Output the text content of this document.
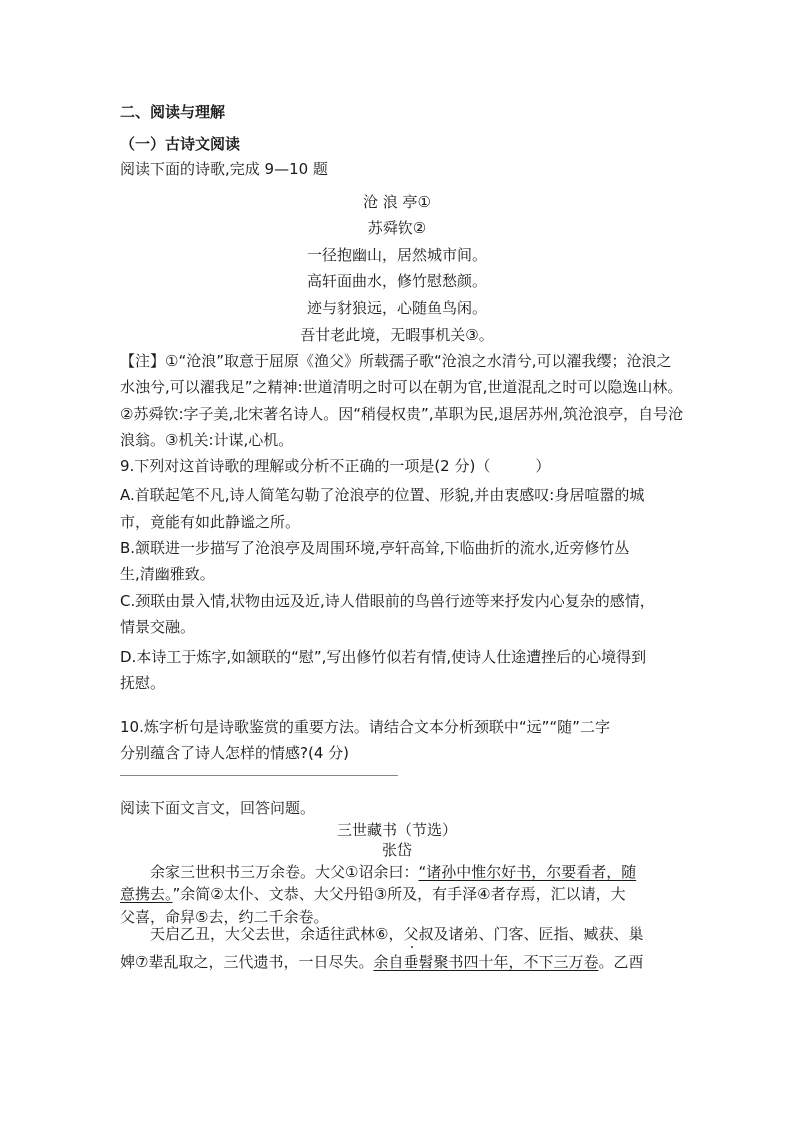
二、阅读与理解
（一）古诗文阅读
阅读下面的诗歌,完成 9—10 题
沧 浪 亭①
苏舜钦②
一径抱幽山，居然城市间。
高轩面曲水，修竹慰愁颜。
迹与豺狼远，心随鱼鸟闲。
吾甘老此境，无暇事机关③。
【注】①“沧浪”取意于屈原《渔父》所载孺子歌“沧浪之水清兮,可以濯我缨；沧浪之
水浊兮,可以濯我足”之精神:世道清明之时可以在朝为官,世道混乱之时可以隐逸山林。
②苏舜钦:字子美,北宋著名诗人。因“稍侵权贵”,革职为民,退居苏州,筑沧浪亭，自号沧
浪翁。③机关:计谋,心机。
9.下列对这首诗歌的理解或分析不正确的一项是(2 分)（　　　）
A.首联起笔不凡,诗人简笔勾勒了沧浪亭的位置、形貌,并由衷感叹:身居喧嚣的城
市，竟能有如此静谧之所。
B.颔联进一步描写了沧浪亭及周围环境,亭轩高耸,下临曲折的流水,近旁修竹丛
生,清幽雅致。
C.颈联由景入情,状物由远及近,诗人借眼前的鸟兽行迹等来抒发内心复杂的感情，
情景交融。
D.本诗工于炼字,如颔联的“慰”,写出修竹似若有情,使诗人仕途遭挫后的心境得到
抚慰。
10.炼字析句是诗歌鉴赏的重要方法。请结合文本分析颈联中“远”“随”二字
分别蕴含了诗人怎样的情感?(4 分)
阅读下面文言文，回答问题。
三世藏书（节选）
张岱
　　余家三世积书三万余卷。大父①诏余曰：“诸孙中惟尔好书，尔要看者，随
意携去。”余简②太仆、文恭、大父丹铅③所及，有手泽④者存焉，汇以请，大
父喜，命舁⑤去，约二千余卷。
　　天启乙丑，大父去世，余适往武林⑥，父叔及诸弟、门客、匠指、臧获、巢
婢⑦辈乱取之，三代遗书，一日尽失。余自垂髫聚书四十年，不下三万卷。乙酉
